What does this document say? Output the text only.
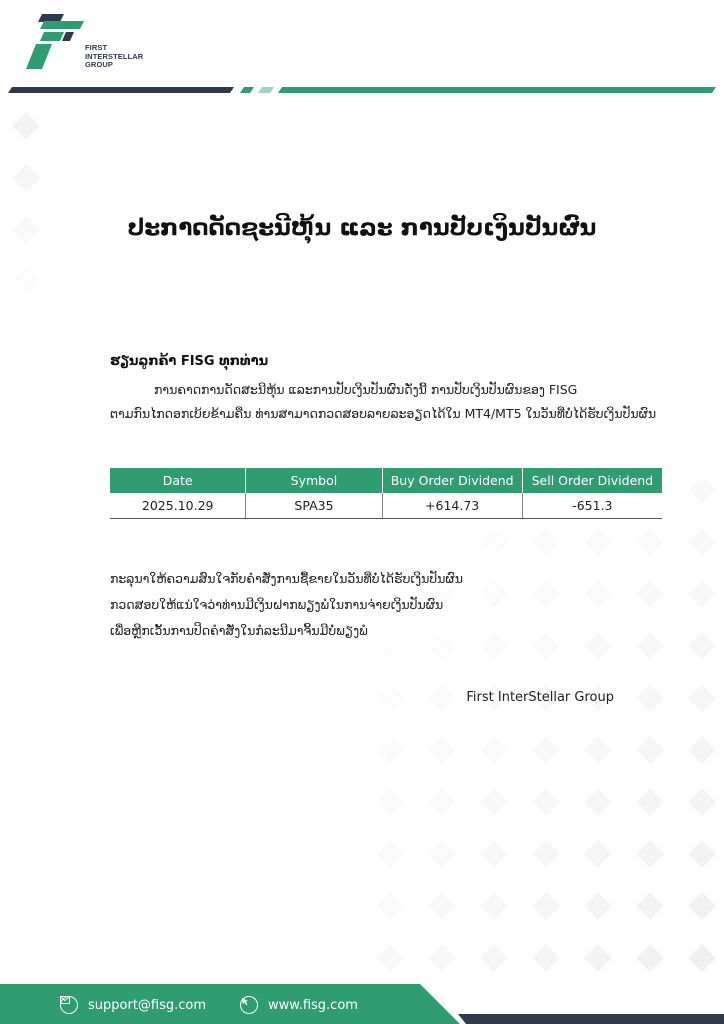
FIRST
INTERSTELLAR
GROUP
ປະກາດດັດຊະນີຫຸ້ນ ແລະ ການປັບເງິນປັນຜົນ

ຮຽນລູກຄ້າ FISG ທຸກທ່ານ

ການຄາດການດັດສະນີຫຸ້ນ ແລະການປັບເງິນປັນຜົນດັ່ງນີ້ ການປັບເງິນປັນຜົນຂອງ FISG
ຕາມກົນໄກດອກເບ້ຍຂ້າມຄືນ ທ່ານສາມາດກວດສອບລາຍລະອຽດໄດ້ໃນ MT4/MT5 ໃນວັນທີ່ບໍ່ໄດ້ຮັບເງິນປັນຜົນ

Date	Symbol	Buy Order Dividend	Sell Order Dividend
2025.10.29	SPA35	+614.73	-651.3
ກະລຸນາໃຫ້ຄວາມສົນໃຈກັບຄໍາສັ່ງການຊື້ຂາຍໃນວັນທີ່ບໍ່ໄດ້ຮັບເງິນປັນຜົນ
ກວດສອບໃຫ້ແນ່ໃຈວ່າທ່ານມີເງິນຝາກພຽງພໍໃນການຈ່າຍເງິນປັນຜົນ
ເພື່ອຫຼີກເວັ້ນການປິດຄໍາສັ່ງໃນກໍລະນີມາຈິ້ນມີບໍ່ພຽງພໍ
First InterStellar Group
support@fisg.com	www.fisg.com
